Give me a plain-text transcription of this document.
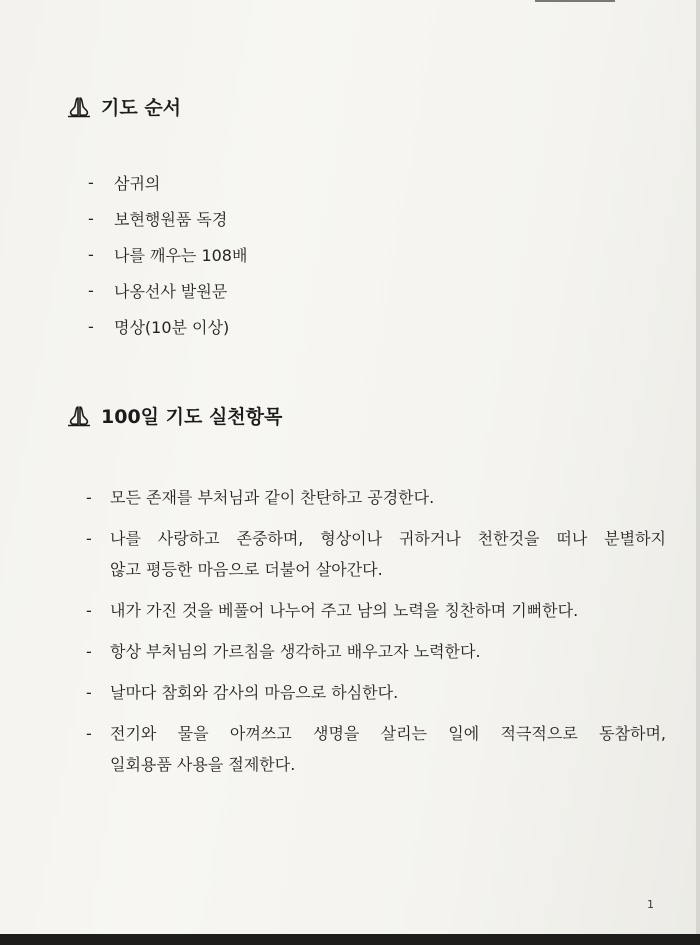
기도 순서
-	삼귀의
-	보현행원품 독경
-	나를 깨우는 108배
-	나옹선사 발원문
-	명상(10분 이상)
100일 기도 실천항목
-	모든 존재를 부처님과 같이 찬탄하고 공경한다.
-	나를 사랑하고 존중하며, 형상이나 귀하거나 천한것을 떠나 분별하지
않고 평등한 마음으로 더불어 살아간다.
-	내가 가진 것을 베풀어 나누어 주고 남의 노력을 칭찬하며 기뻐한다.
-	항상 부처님의 가르침을 생각하고 배우고자 노력한다.
-	날마다 참회와 감사의 마음으로 하심한다.
-	전기와 물을 아껴쓰고 생명을 살리는 일에 적극적으로 동참하며,
일회용품 사용을 절제한다.
1
